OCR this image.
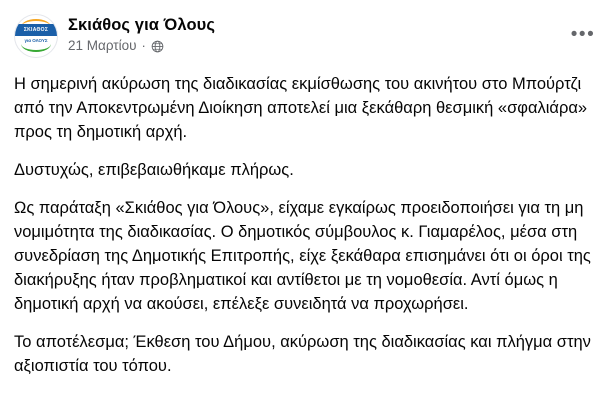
ΣΚΙΑΘΟΣ
για ΟΛΟΥΣ
Σκιάθος για Όλους
21 Μαρτίου ·
•••

Η σημερινή ακύρωση της διαδικασίας εκμίσθωσης του ακινήτου στο Μπούρτζι από την Αποκεντρωμένη Διοίκηση αποτελεί μια ξεκάθαρη θεσμική «σφαλιάρα» προς τη δημοτική αρχή.

Δυστυχώς, επιβεβαιωθήκαμε πλήρως.

Ως παράταξη «Σκιάθος για Όλους», είχαμε εγκαίρως προειδοποιήσει για τη μη νομιμότητα της διαδικασίας. Ο δημοτικός σύμβουλος κ. Γιαμαρέλος, μέσα στη συνεδρίαση της Δημοτικής Επιτροπής, είχε ξεκάθαρα επισημάνει ότι οι όροι της διακήρυξης ήταν προβληματικοί και αντίθετοι με τη νομοθεσία. Αντί όμως η δημοτική αρχή να ακούσει, επέλεξε συνειδητά να προχωρήσει.

Το αποτέλεσμα; Έκθεση του Δήμου, ακύρωση της διαδικασίας και πλήγμα στην αξιοπιστία του τόπου.
